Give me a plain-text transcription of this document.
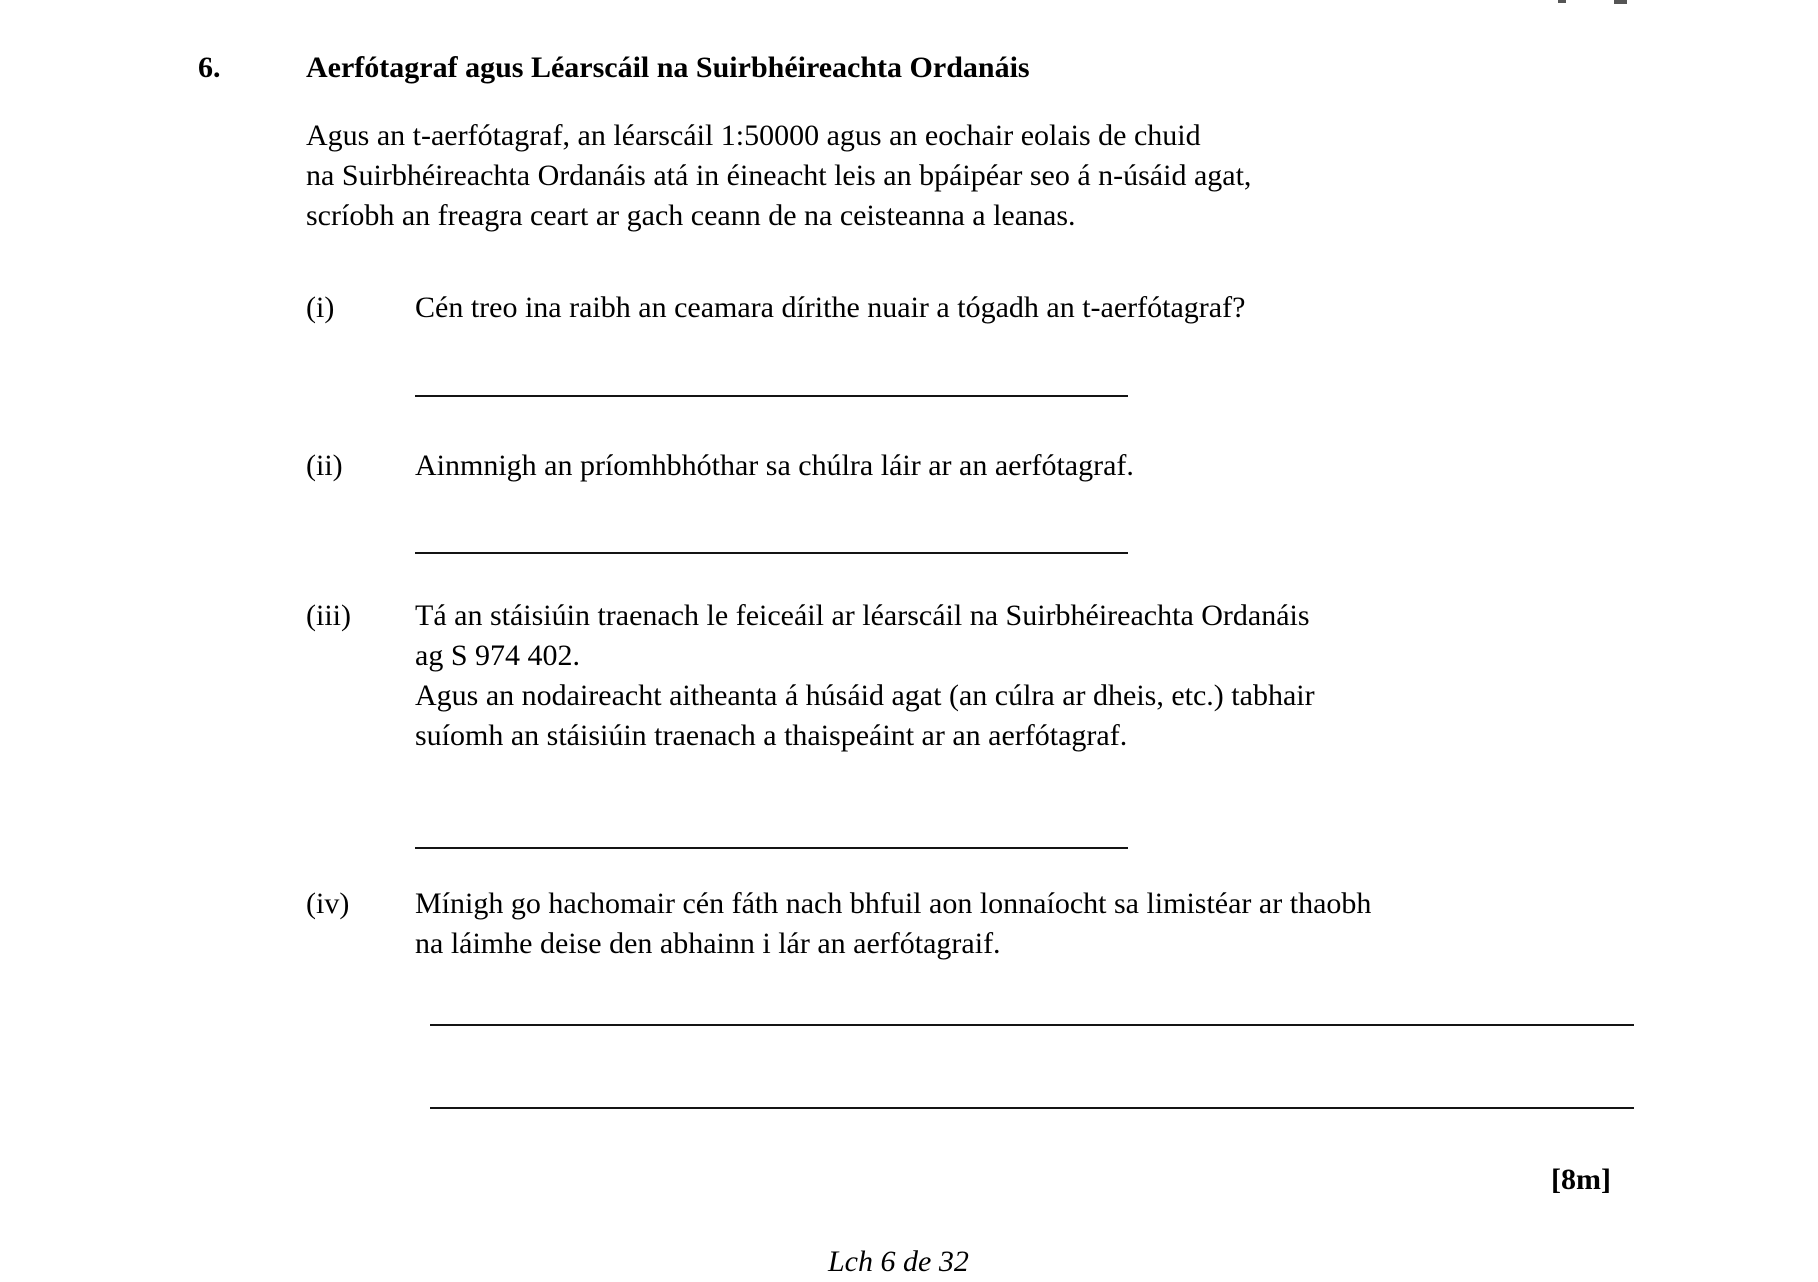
6.	Aerfótagraf agus Léarscáil na Suirbhéireachta Ordanáis
Agus an t-aerfótagraf, an léarscáil 1:50000 agus an eochair eolais de chuid
na Suirbhéireachta Ordanáis atá in éineacht leis an bpáipéar seo á n-úsáid agat,
scríobh an freagra ceart ar gach ceann de na ceisteanna a leanas.
(i)	Cén treo ina raibh an ceamara dírithe nuair a tógadh an t-aerfótagraf?
(ii)	Ainmnigh an príomhbhóthar sa chúlra láir ar an aerfótagraf.
(iii)	Tá an stáisiúin traenach le feiceáil ar léarscáil na Suirbhéireachta Ordanáis
ag S 974 402.
Agus an nodaireacht aitheanta á húsáid agat (an cúlra ar dheis, etc.) tabhair
suíomh an stáisiúin traenach a thaispeáint ar an aerfótagraf.
(iv)	Mínigh go hachomair cén fáth nach bhfuil aon lonnaíocht sa limistéar ar thaobh
na láimhe deise den abhainn i lár an aerfótagraif.
[8m]
Lch 6 de 32
